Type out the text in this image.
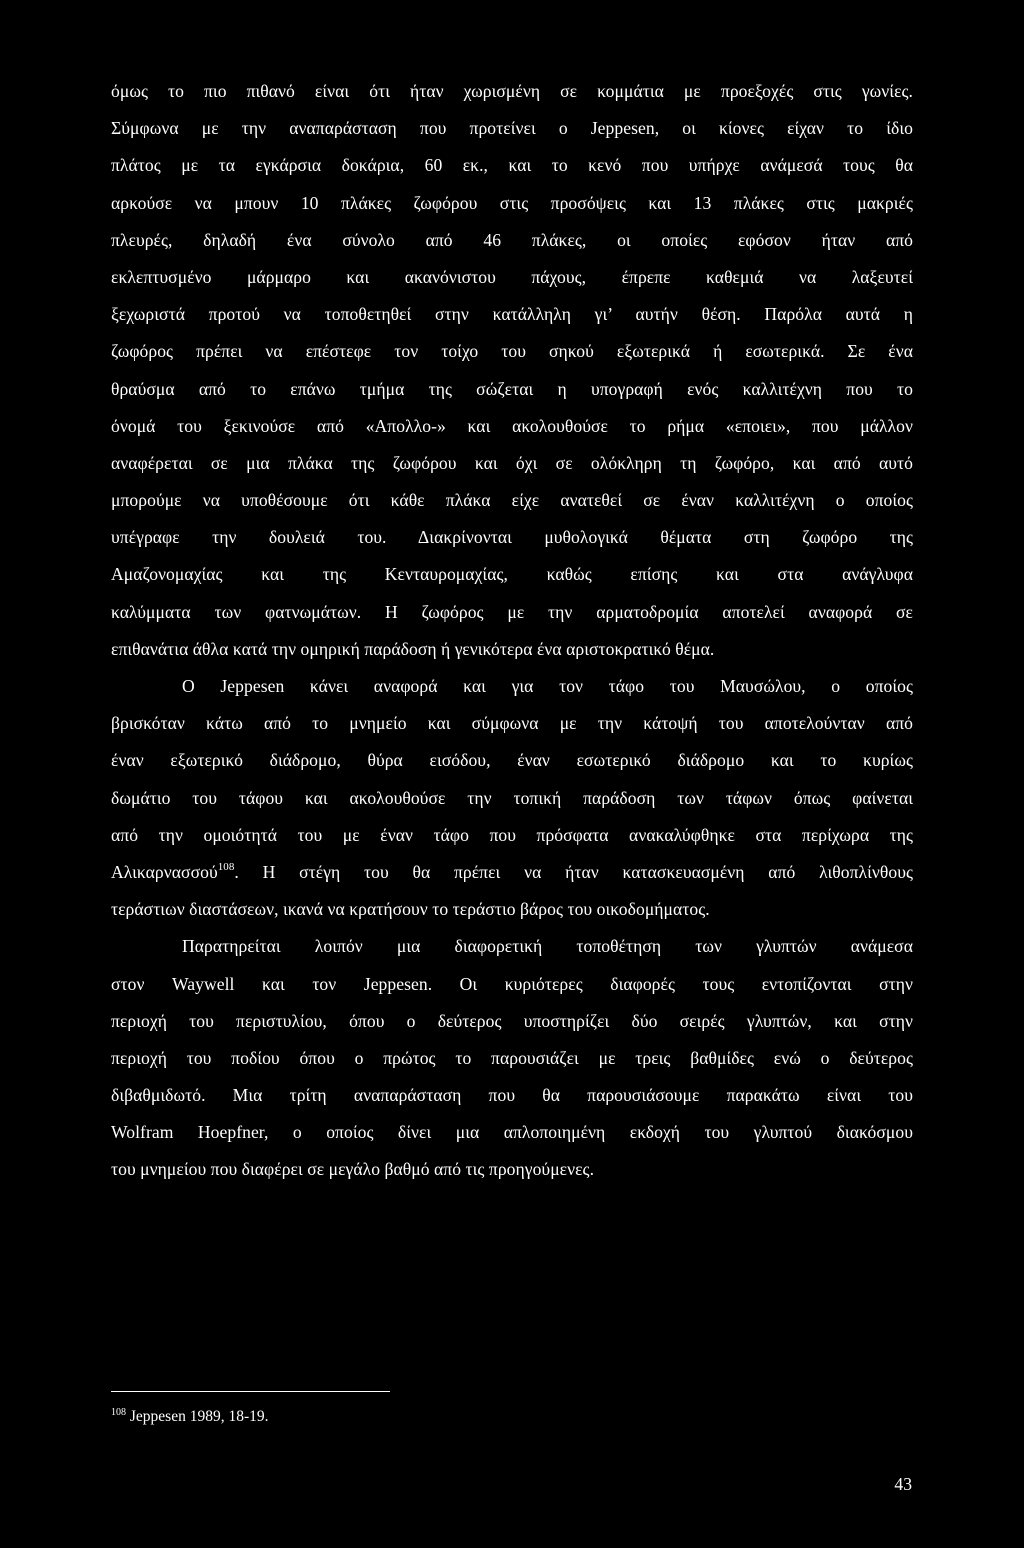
όμως το πιο πιθανό είναι ότι ήταν χωρισμένη σε κομμάτια με προεξοχές στις γωνίες.
Σύμφωνα με την αναπαράσταση που προτείνει ο Jeppesen, οι κίονες είχαν το ίδιο
πλάτος με τα εγκάρσια δοκάρια, 60 εκ., και το κενό που υπήρχε ανάμεσά τους θα
αρκούσε να μπουν 10 πλάκες ζωφόρου στις προσόψεις και 13 πλάκες στις μακριές
πλευρές, δηλαδή ένα σύνολο από 46 πλάκες, οι οποίες εφόσον ήταν από
εκλεπτυσμένο μάρμαρο και ακανόνιστου πάχους, έπρεπε καθεμιά να λαξευτεί
ξεχωριστά προτού να τοποθετηθεί στην κατάλληλη γι’ αυτήν θέση. Παρόλα αυτά η
ζωφόρος πρέπει να επέστεφε τον τοίχο του σηκού εξωτερικά ή εσωτερικά. Σε ένα
θραύσμα από το επάνω τμήμα της σώζεται η υπογραφή ενός καλλιτέχνη που το
όνομά του ξεκινούσε από «Απολλο-» και ακολουθούσε το ρήμα «εποιει», που μάλλον
αναφέρεται σε μια πλάκα της ζωφόρου και όχι σε ολόκληρη τη ζωφόρο, και από αυτό
μπορούμε να υποθέσουμε ότι κάθε πλάκα είχε ανατεθεί σε έναν καλλιτέχνη ο οποίος
υπέγραφε την δουλειά του. Διακρίνονται μυθολογικά θέματα στη ζωφόρο της
Αμαζονομαχίας και της Κενταυρομαχίας, καθώς επίσης και στα ανάγλυφα
καλύμματα των φατνωμάτων. Η ζωφόρος με την αρματοδρομία αποτελεί αναφορά σε
επιθανάτια άθλα κατά την ομηρική παράδοση ή γενικότερα ένα αριστοκρατικό θέμα.
Ο Jeppesen κάνει αναφορά και για τον τάφο του Μαυσώλου, ο οποίος
βρισκόταν κάτω από το μνημείο και σύμφωνα με την κάτοψή του αποτελούνταν από
έναν εξωτερικό διάδρομο, θύρα εισόδου, έναν εσωτερικό διάδρομο και το κυρίως
δωμάτιο του τάφου και ακολουθούσε την τοπική παράδοση των τάφων όπως φαίνεται
από την ομοιότητά του με έναν τάφο που πρόσφατα ανακαλύφθηκε στα περίχωρα της
Αλικαρνασσού$^{108}$. Η στέγη του θα πρέπει να ήταν κατασκευασμένη από λιθοπλίνθους
τεράστιων διαστάσεων, ικανά να κρατήσουν το τεράστιο βάρος του οικοδομήματος.
Παρατηρείται λοιπόν μια διαφορετική τοποθέτηση των γλυπτών ανάμεσα
στον Waywell και τον Jeppesen. Οι κυριότερες διαφορές τους εντοπίζονται στην
περιοχή του περιστυλίου, όπου ο δεύτερος υποστηρίζει δύο σειρές γλυπτών, και στην
περιοχή του ποδίου όπου ο πρώτος το παρουσιάζει με τρεις βαθμίδες ενώ ο δεύτερος
διβαθμιδωτό. Μια τρίτη αναπαράσταση που θα παρουσιάσουμε παρακάτω είναι του
Wolfram Hoepfner, ο οποίος δίνει μια απλοποιημένη εκδοχή του γλυπτού διακόσμου
του μνημείου που διαφέρει σε μεγάλο βαθμό από τις προηγούμενες.
$^{108}$ Jeppesen 1989, 18-19.
43
